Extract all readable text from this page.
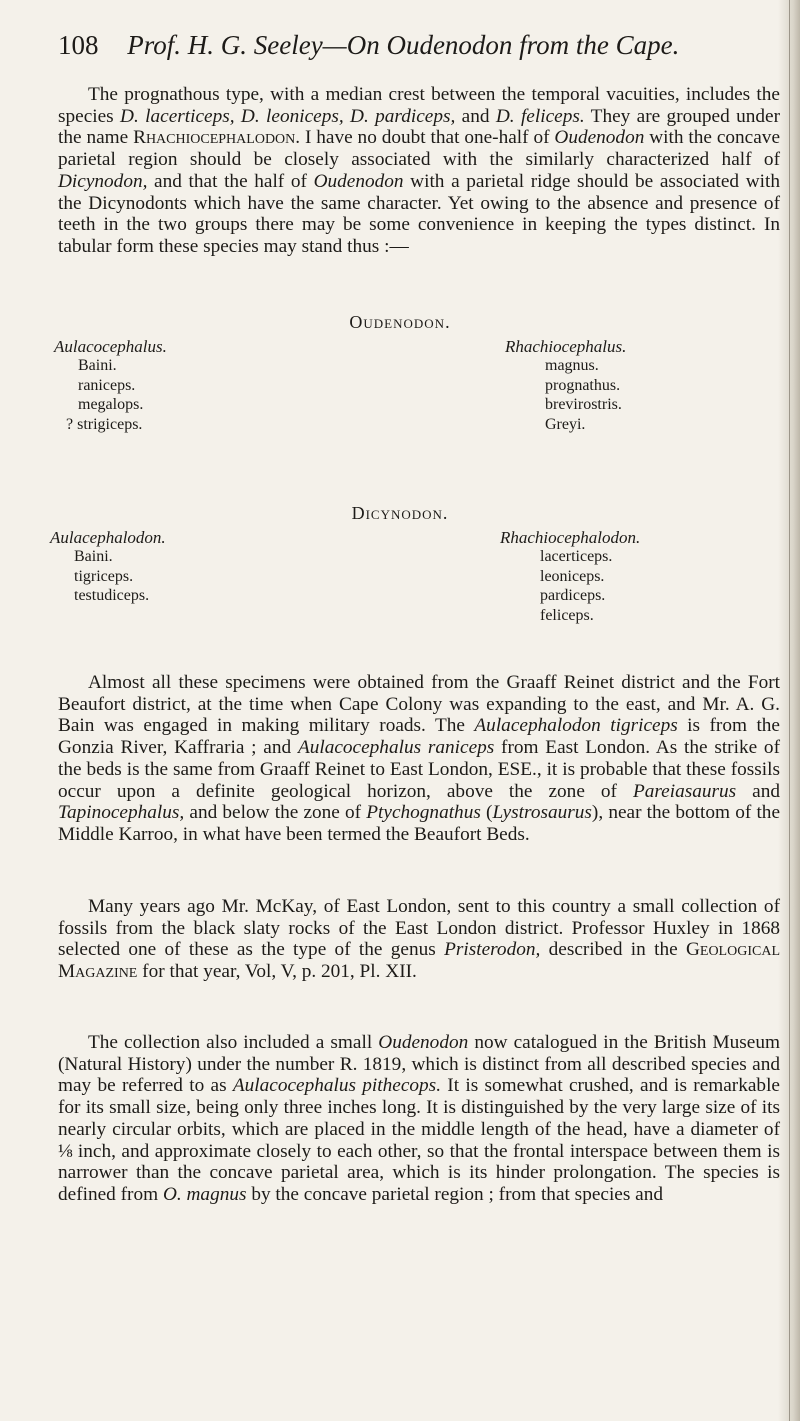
108 Prof. H. G. Seeley—On Oudenodon from the Cape.

The prognathous type, with a median crest between the temporal vacuities, includes the species D. lacerticeps, D. leoniceps, D. pardiceps, and D. feliceps. They are grouped under the name Rhachiocephalodon. I have no doubt that one-half of Oudenodon with the concave parietal region should be closely associated with the similarly characterized half of Dicynodon, and that the half of Oudenodon with a parietal ridge should be associated with the Dicynodonts which have the same character. Yet owing to the absence and presence of teeth in the two groups there may be some convenience in keeping the types distinct. In tabular form these species may stand thus :—

Oudenodon.
Aulacocephalus.
Baini.
raniceps.
megalops.
? strigiceps.
Rhachiocephalus.
magnus.
prognathus.
brevirostris.
Greyi.
Dicynodon.
Aulacephalodon.
Baini.
tigriceps.
testudiceps.
Rhachiocephalodon.
lacerticeps.
leoniceps.
pardiceps.
feliceps.

Almost all these specimens were obtained from the Graaff Reinet district and the Fort Beaufort district, at the time when Cape Colony was expanding to the east, and Mr. A. G. Bain was engaged in making military roads. The Aulacephalodon tigriceps is from the Gonzia River, Kaffraria ; and Aulacocephalus raniceps from East London. As the strike of the beds is the same from Graaff Reinet to East London, ESE., it is probable that these fossils occur upon a definite geological horizon, above the zone of Pareiasaurus and Tapinocephalus, and below the zone of Ptychognathus (Lystrosaurus), near the bottom of the Middle Karroo, in what have been termed the Beaufort Beds.

Many years ago Mr. McKay, of East London, sent to this country a small collection of fossils from the black slaty rocks of the East London district. Professor Huxley in 1868 selected one of these as the type of the genus Pristerodon, described in the Geological Magazine for that year, Vol, V, p. 201, Pl. XII.

The collection also included a small Oudenodon now catalogued in the British Museum (Natural History) under the number R. 1819, which is distinct from all described species and may be referred to as Aulacocephalus pithecops. It is somewhat crushed, and is remarkable for its small size, being only three inches long. It is distinguished by the very large size of its nearly circular orbits, which are placed in the middle length of the head, have a diameter of ⅛ inch, and approximate closely to each other, so that the frontal interspace between them is narrower than the concave parietal area, which is its hinder prolongation. The species is defined from O. magnus by the concave parietal region ; from that species and
